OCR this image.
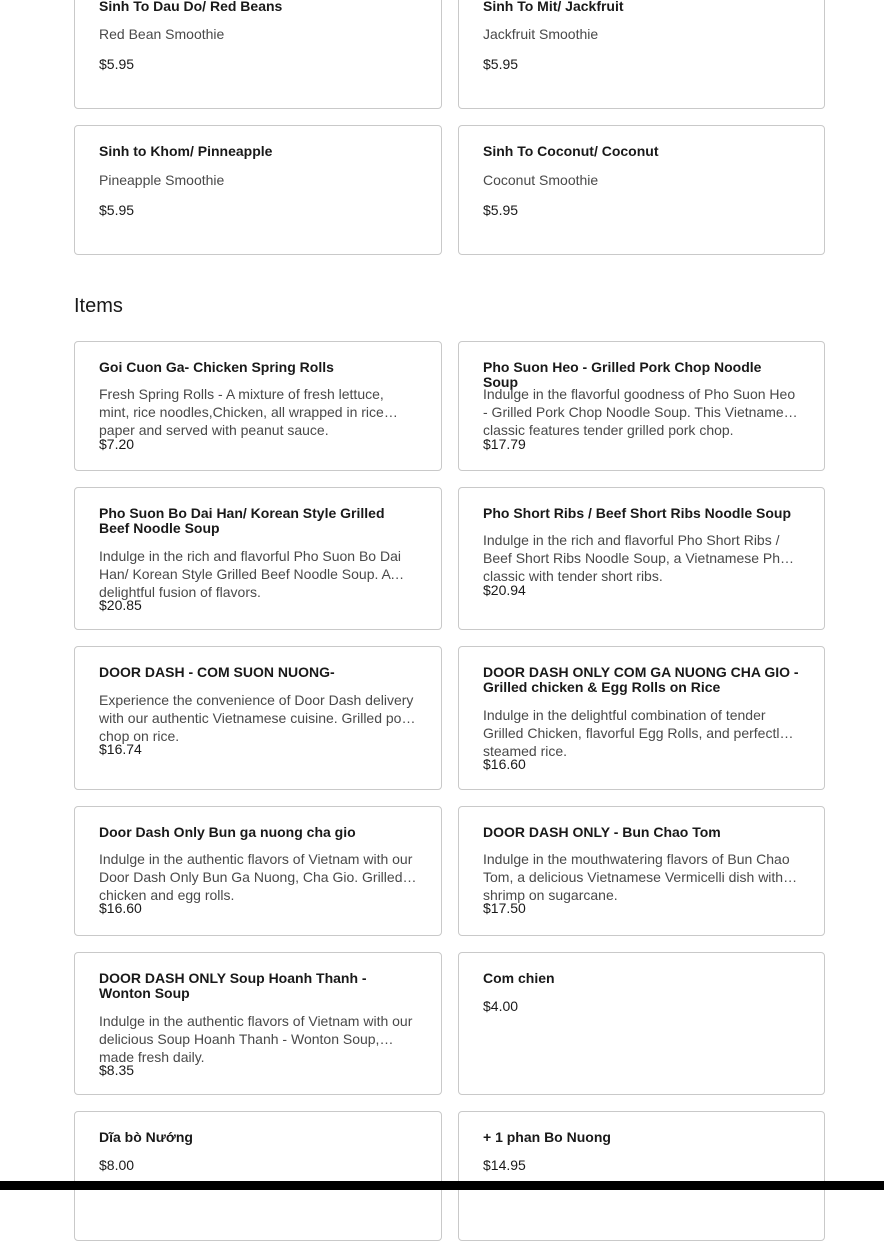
Sinh To Dau Do/ Red Beans
Red Bean Smoothie
$5.95
Sinh To Mit/ Jackfruit
Jackfruit Smoothie
$5.95
Sinh to Khom/ Pinneapple
Pineapple Smoothie
$5.95
Sinh To Coconut/ Coconut
Coconut Smoothie
$5.95
Items
Goi Cuon Ga- Chicken Spring Rolls
Fresh Spring Rolls - A mixture of fresh lettuce, mint, rice noodles,Chicken, all wrapped in rice paper and served with peanut sauce.
$7.20
Pho Suon Heo - Grilled Pork Chop Noodle Soup
Indulge in the flavorful goodness of Pho Suon Heo - Grilled Pork Chop Noodle Soup. This Vietnamese classic features tender grilled pork chop.
$17.79
Pho Suon Bo Dai Han/ Korean Style Grilled Beef Noodle Soup
Indulge in the rich and flavorful Pho Suon Bo Dai Han/ Korean Style Grilled Beef Noodle Soup. A delightful fusion of flavors.
$20.85
Pho Short Ribs / Beef Short Ribs Noodle Soup
Indulge in the rich and flavorful Pho Short Ribs / Beef Short Ribs Noodle Soup, a Vietnamese Pho classic with tender short ribs.
$20.94
DOOR DASH - COM SUON NUONG-
Experience the convenience of Door Dash delivery with our authentic Vietnamese cuisine. Grilled pork chop on rice.
$16.74
DOOR DASH ONLY COM GA NUONG CHA GIO - Grilled chicken & Egg Rolls on Rice
Indulge in the delightful combination of tender Grilled Chicken, flavorful Egg Rolls, and perfectly steamed rice.
$16.60
Door Dash Only Bun ga nuong cha gio
Indulge in the authentic flavors of Vietnam with our Door Dash Only Bun Ga Nuong, Cha Gio. Grilled chicken and egg rolls.
$16.60
DOOR DASH ONLY - Bun Chao Tom
Indulge in the mouthwatering flavors of Bun Chao Tom, a delicious Vietnamese Vermicelli dish with shrimp on sugarcane.
$17.50
DOOR DASH ONLY Soup Hoanh Thanh - Wonton Soup
Indulge in the authentic flavors of Vietnam with our delicious Soup Hoanh Thanh - Wonton Soup, made fresh daily.
$8.35
Com chien
$4.00
Dĩa bò Nướng
$8.00
+ 1 phan Bo Nuong
$14.95
